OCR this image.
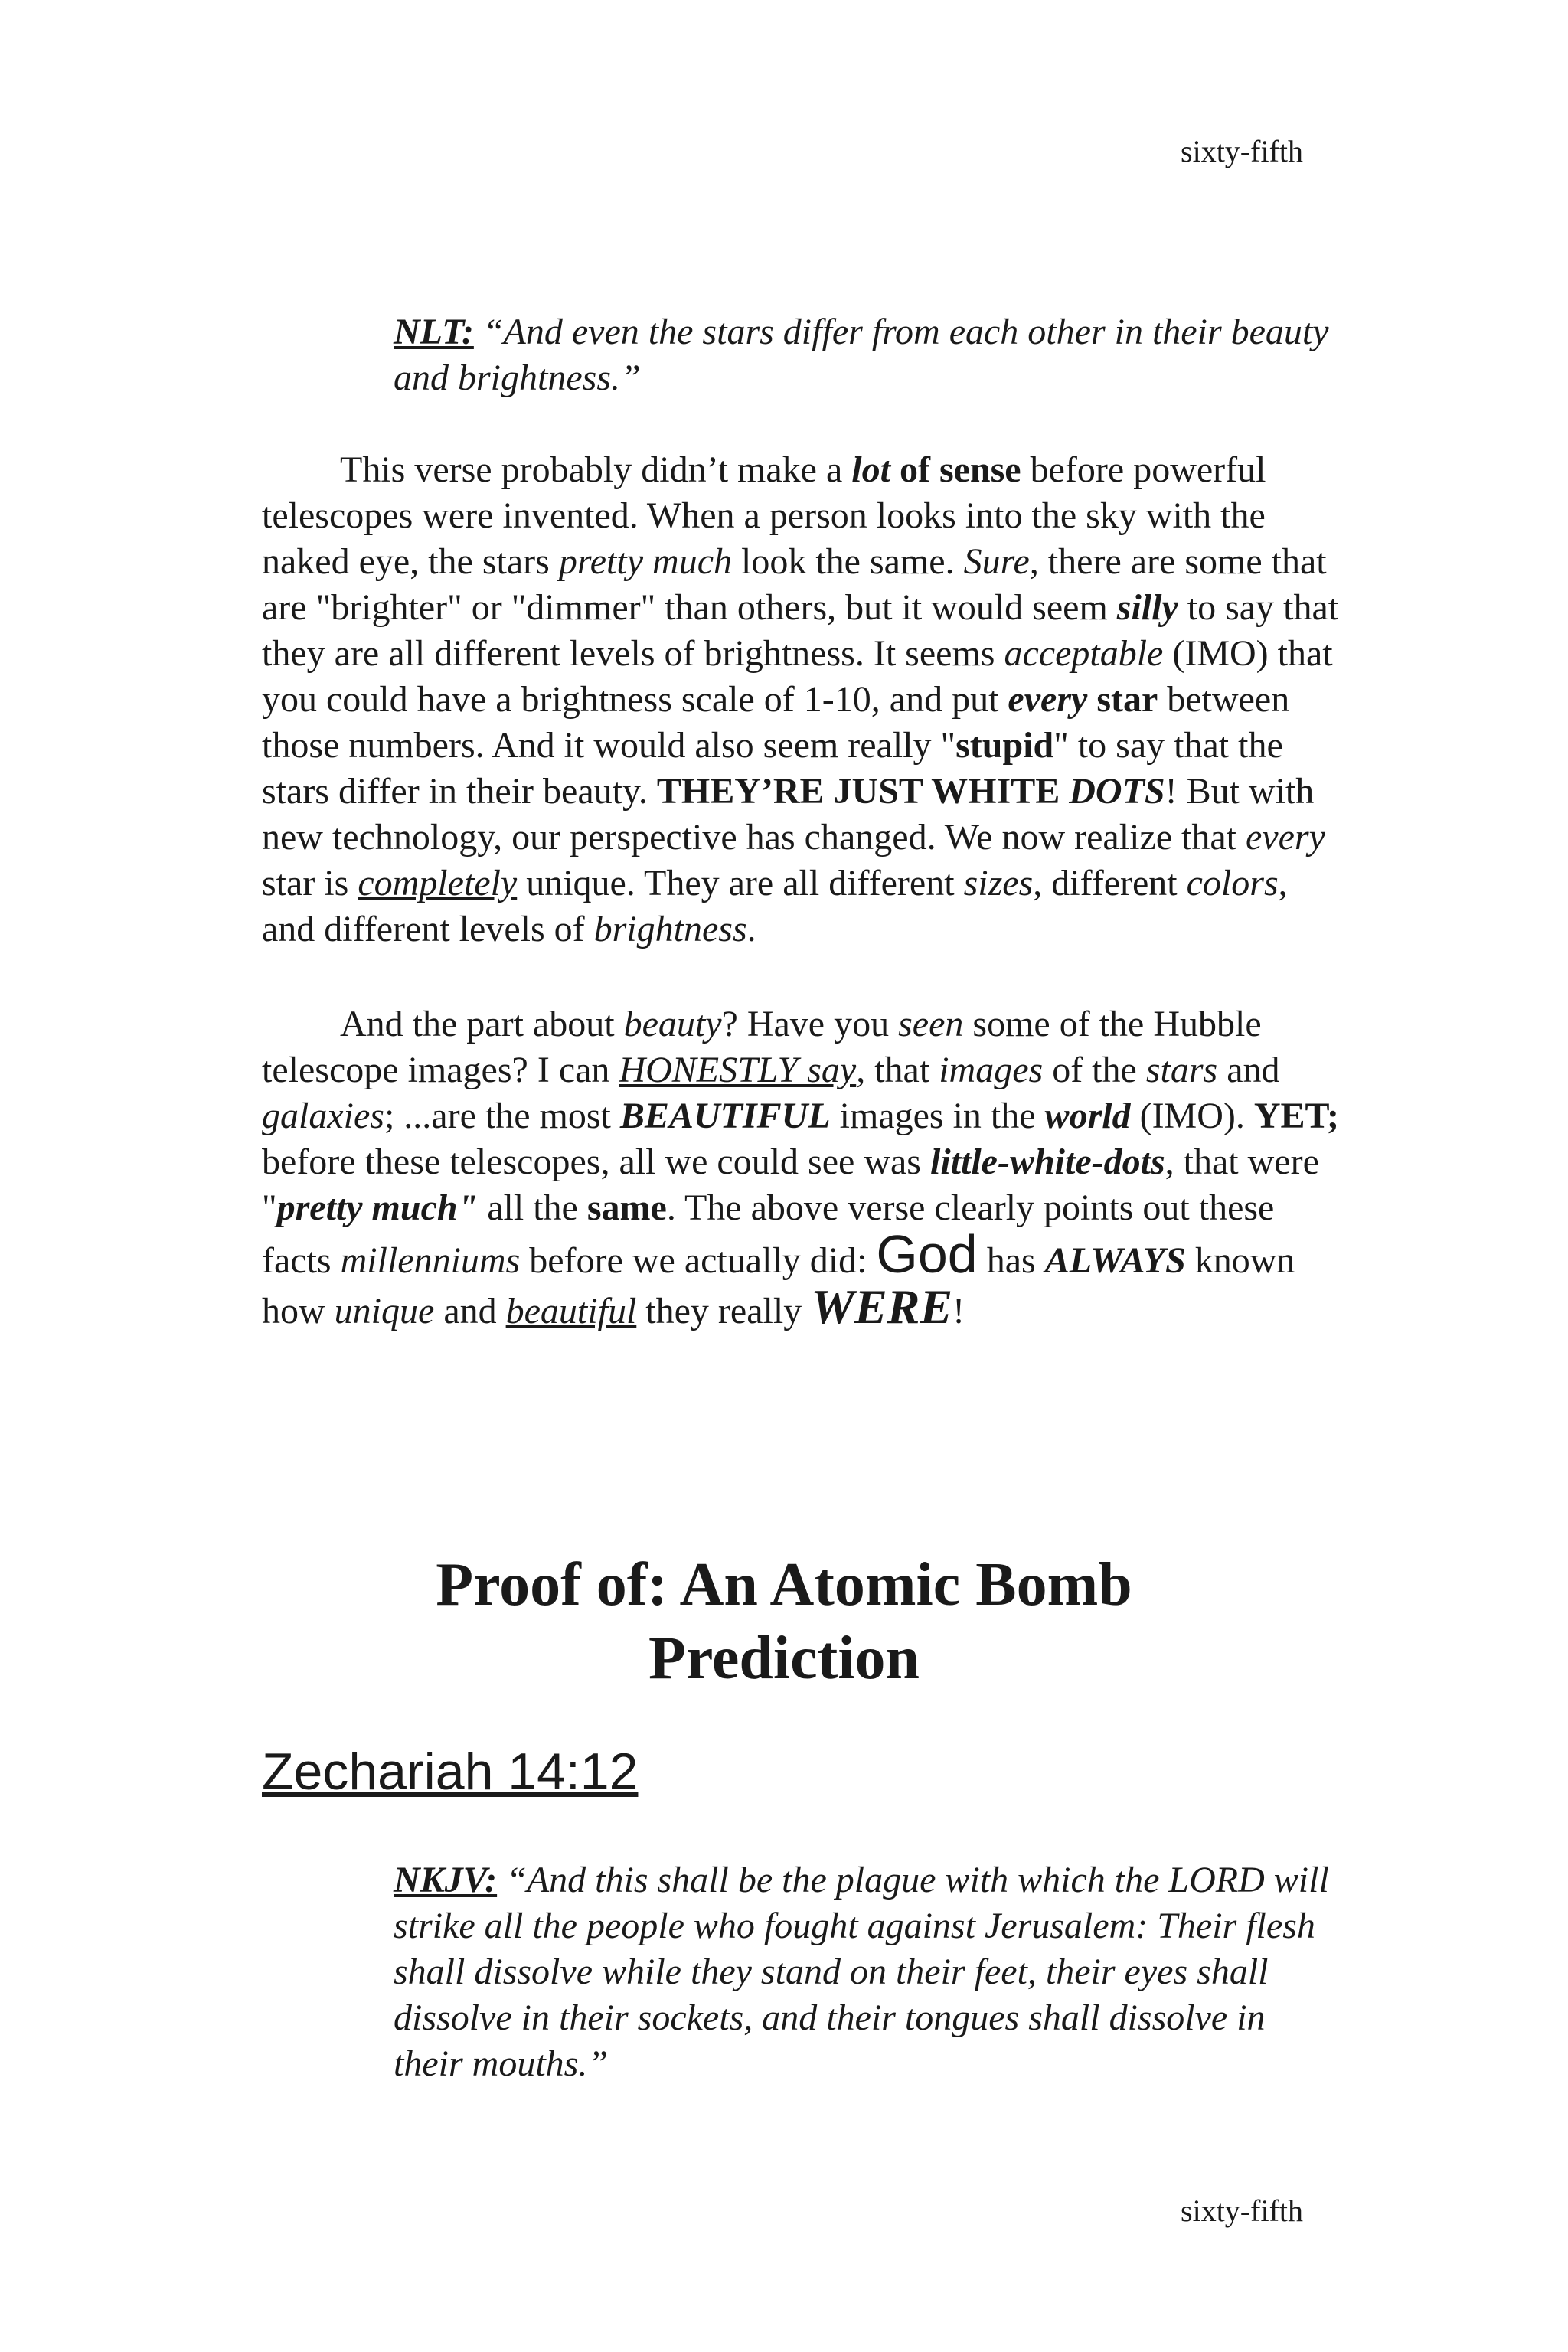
sixty-fifth
NLT: “And even the stars differ from each other in their beauty and brightness.”

This verse probably didn’t make a lot of sense before powerful telescopes were invented. When a person looks into the sky with the naked eye, the stars pretty much look the same. Sure, there are some that are "brighter" or "dimmer" than others, but it would seem silly to say that they are all different levels of brightness. It seems acceptable (IMO) that you could have a brightness scale of 1-10, and put every star between those numbers. And it would also seem really "stupid" to say that the stars differ in their beauty. THEY’RE JUST WHITE DOTS! But with new technology, our perspective has changed. We now realize that every star is completely unique. They are all different sizes, different colors, and different levels of brightness.

And the part about beauty? Have you seen some of the Hubble telescope images? I can HONESTLY say, that images of the stars and galaxies; ...are the most BEAUTIFUL images in the world (IMO). YET; before these telescopes, all we could see was little-white-dots, that were "pretty much" all the same. The above verse clearly points out these facts millenniums before we actually did: God has ALWAYS known how unique and beautiful they really WERE!

Proof of: An Atomic Bomb
Prediction
Zechariah 14:12
NKJV: “And this shall be the plague with which the LORD will strike all the people who fought against Jerusalem: Their flesh shall dissolve while they stand on their feet, their eyes shall dissolve in their sockets, and their tongues shall dissolve in their mouths.”
sixty-fifth
